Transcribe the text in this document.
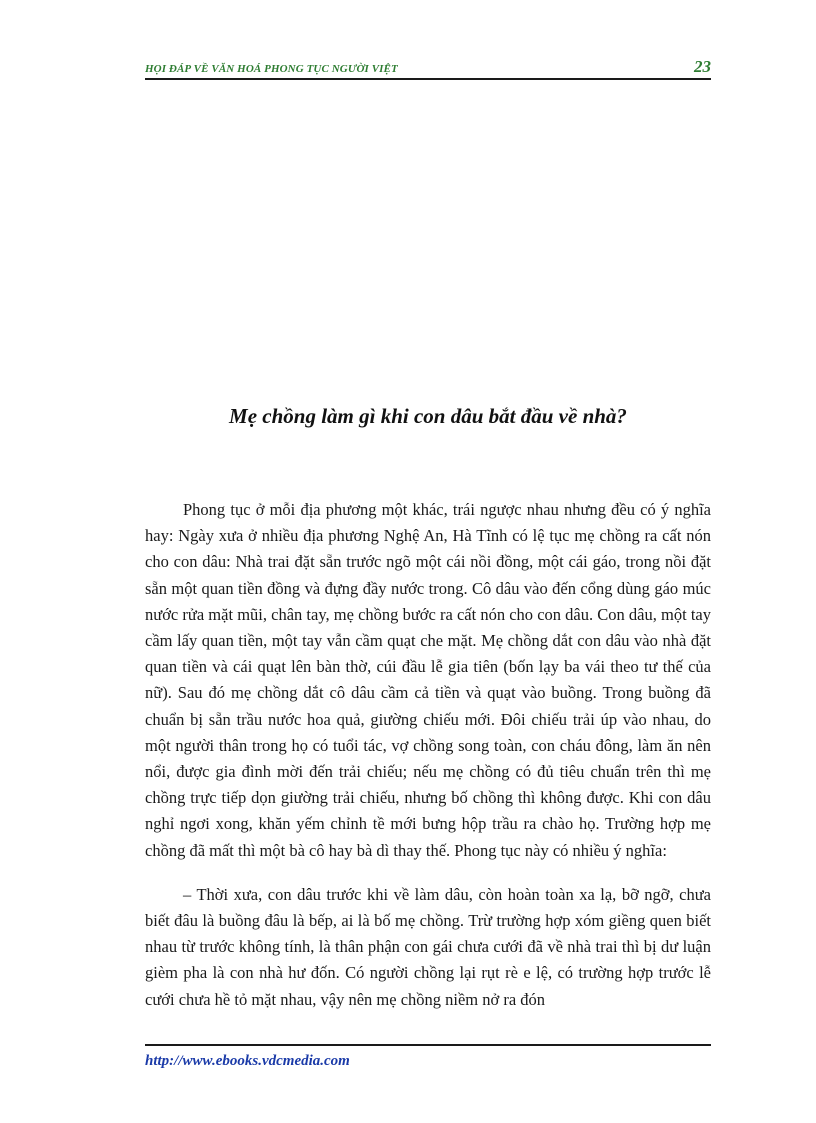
HỌI ĐÁP VỀ VĂN HOÁ PHONG TỤC NGƯỜI VIỆT	23
Mẹ chồng làm gì khi con dâu bắt đầu về nhà?

Phong tục ở mỗi địa phương một khác, trái ngược nhau nhưng đều có ý nghĩa hay: Ngày xưa ở nhiều địa phương Nghệ An, Hà Tĩnh có lệ tục mẹ chồng ra cất nón cho con dâu: Nhà trai đặt sẵn trước ngõ một cái nồi đồng, một cái gáo, trong nồi đặt sẵn một quan tiền đồng và đựng đầy nước trong. Cô dâu vào đến cổng dùng gáo múc nước rửa mặt mũi, chân tay, mẹ chồng bước ra cất nón cho con dâu. Con dâu, một tay cầm lấy quan tiền, một tay vẫn cầm quạt che mặt. Mẹ chồng dắt con dâu vào nhà đặt quan tiền và cái quạt lên bàn thờ, cúi đầu lễ gia tiên (bốn lạy ba vái theo tư thế của nữ). Sau đó mẹ chồng dắt cô dâu cầm cả tiền và quạt vào buồng. Trong buồng đã chuẩn bị sẵn trầu nước hoa quả, giường chiếu mới. Đôi chiếu trải úp vào nhau, do một người thân trong họ có tuổi tác, vợ chồng song toàn, con cháu đông, làm ăn nên nổi, được gia đình mời đến trải chiếu; nếu mẹ chồng có đủ tiêu chuẩn trên thì mẹ chồng trực tiếp dọn giường trải chiếu, nhưng bố chồng thì không được. Khi con dâu nghỉ ngơi xong, khăn yếm chỉnh tề mới bưng hộp trầu ra chào họ. Trường hợp mẹ chồng đã mất thì một bà cô hay bà dì thay thế. Phong tục này có nhiều ý nghĩa:

– Thời xưa, con dâu trước khi về làm dâu, còn hoàn toàn xa lạ, bỡ ngỡ, chưa biết đâu là buồng đâu là bếp, ai là bố mẹ chồng. Trừ trường hợp xóm giềng quen biết nhau từ trước không tính, là thân phận con gái chưa cưới đã về nhà trai thì bị dư luận gièm pha là con nhà hư đốn. Có người chồng lại rụt rè e lệ, có trường hợp trước lễ cưới chưa hề tỏ mặt nhau, vậy nên mẹ chồng niềm nở ra đón

http://www.ebooks.vdcmedia.com
